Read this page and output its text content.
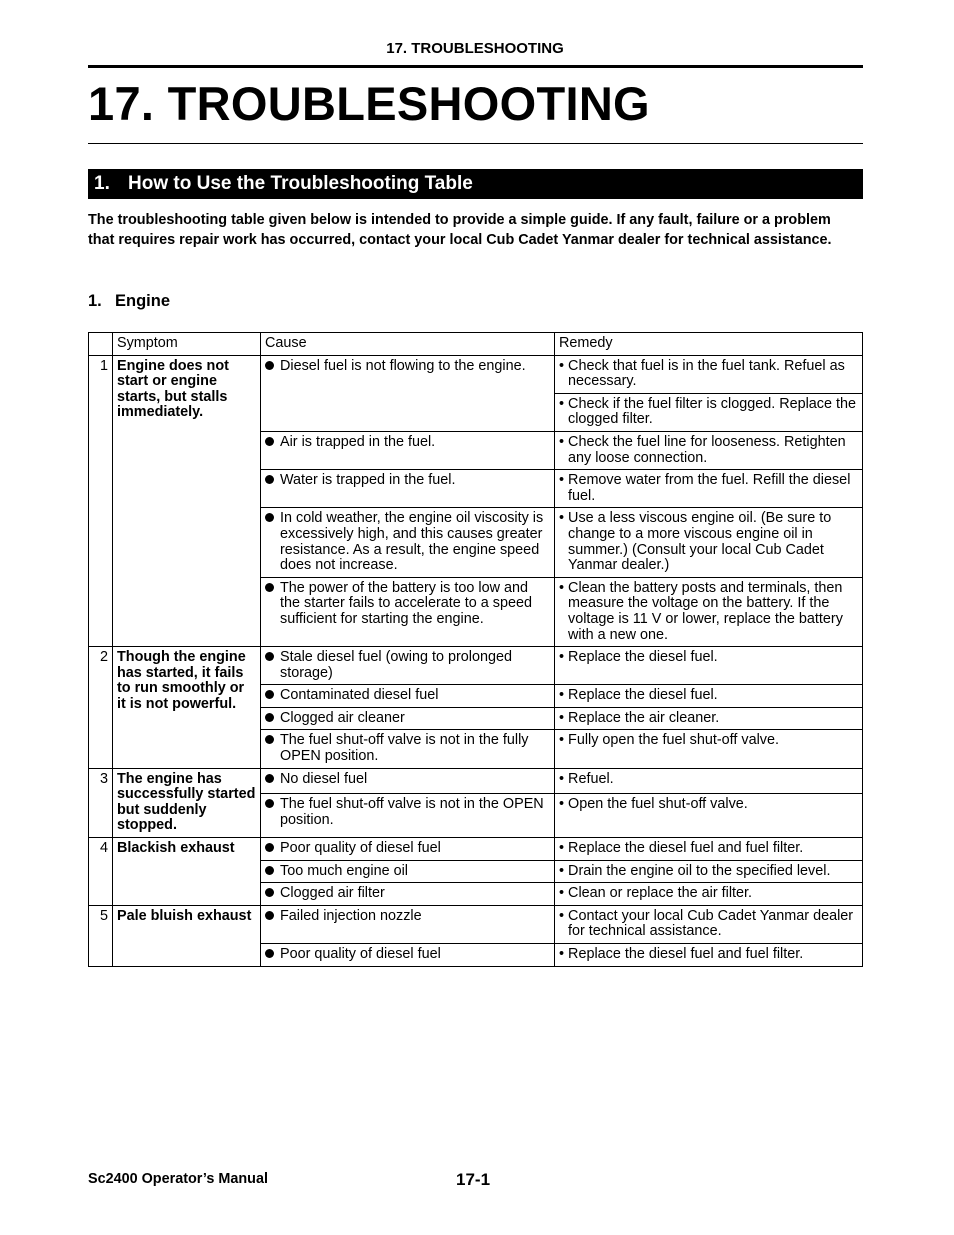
17. TROUBLESHOOTING
17. TROUBLESHOOTING
1. How to Use the Troubleshooting Table
The troubleshooting table given below is intended to provide a simple guide. If any fault, failure or a problem that requires repair work has occurred, contact your local Cub Cadet Yanmar dealer for technical assistance.
1. Engine
	Symptom	Cause	Remedy
1	Engine does not start or engine starts, but stalls immediately.	Diesel fuel is not flowing to the engine.	• Check that fuel is in the fuel tank. Refuel as necessary.

			• Check if the fuel filter is clogged. Replace the clogged filter.

		Air is trapped in the fuel.	• Check the fuel line for looseness. Retighten any loose connection.

		Water is trapped in the fuel.	• Remove water from the fuel. Refill the diesel fuel.

		In cold weather, the engine oil viscosity is excessively high, and this causes greater resistance. As a result, the engine speed does not increase.	• Use a less viscous engine oil. (Be sure to change to a more viscous engine oil in summer.) (Consult your local Cub Cadet Yanmar dealer.)

		The power of the battery is too low and the starter fails to accelerate to a speed sufficient for starting the engine.	• Clean the battery posts and terminals, then measure the voltage on the battery. If the voltage is 11 V or lower, replace the battery with a new one.

2	Though the engine has started, it fails to run smoothly or it is not powerful.	Stale diesel fuel (owing to prolonged storage)	• Replace the diesel fuel.

		Contaminated diesel fuel	• Replace the diesel fuel.

		Clogged air cleaner	• Replace the air cleaner.

		The fuel shut-off valve is not in the fully OPEN position.	• Fully open the fuel shut-off valve.

3	The engine has successfully started but suddenly stopped.	No diesel fuel	• Refuel.

		The fuel shut-off valve is not in the OPEN position.	• Open the fuel shut-off valve.

4	Blackish exhaust	Poor quality of diesel fuel	• Replace the diesel fuel and fuel filter.

		Too much engine oil	• Drain the engine oil to the specified level.

		Clogged air filter	• Clean or replace the air filter.

5	Pale bluish exhaust	Failed injection nozzle	• Contact your local Cub Cadet Yanmar dealer for technical assistance.

		Poor quality of diesel fuel	• Replace the diesel fuel and fuel filter.
Sc2400 Operator’s Manual	17-1
